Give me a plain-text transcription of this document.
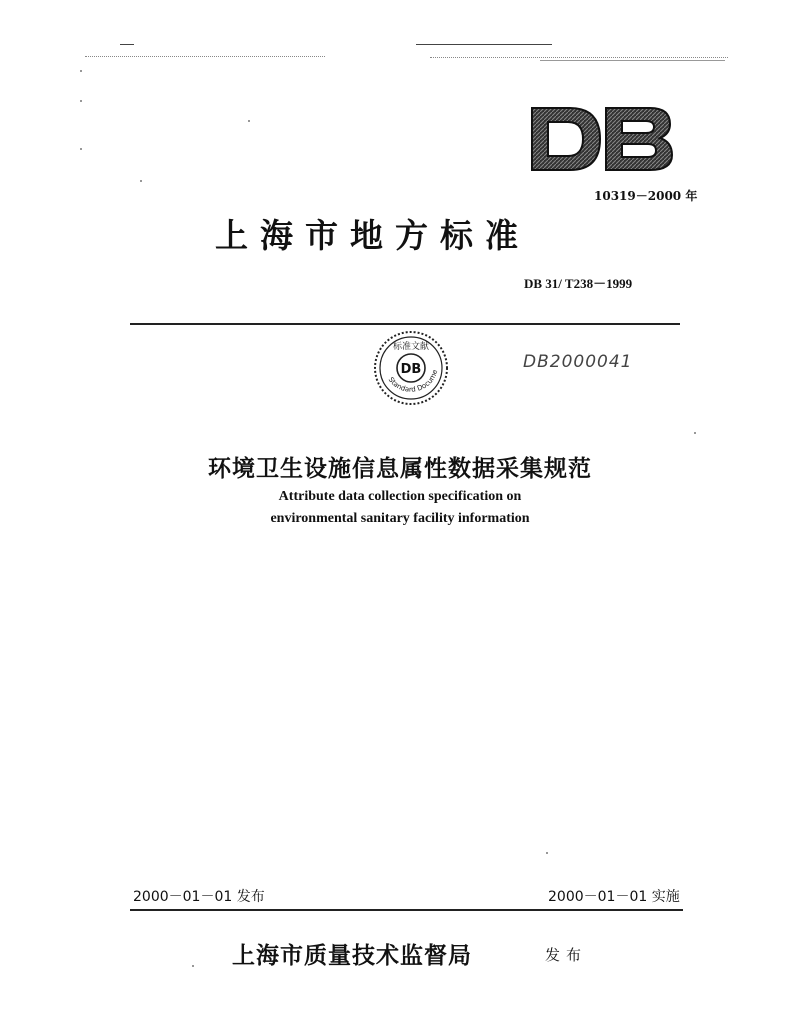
10319－2000 年
上海市地方标准
DB 31/ T238－1999
DB
标准文献
Standard Docume
DB2000041
环境卫生设施信息属性数据采集规范
Attribute data collection specification on
environmental sanitary facility information
2000－01－01 发布	2000－01－01 实施
上海市质量技术监督局	发布
